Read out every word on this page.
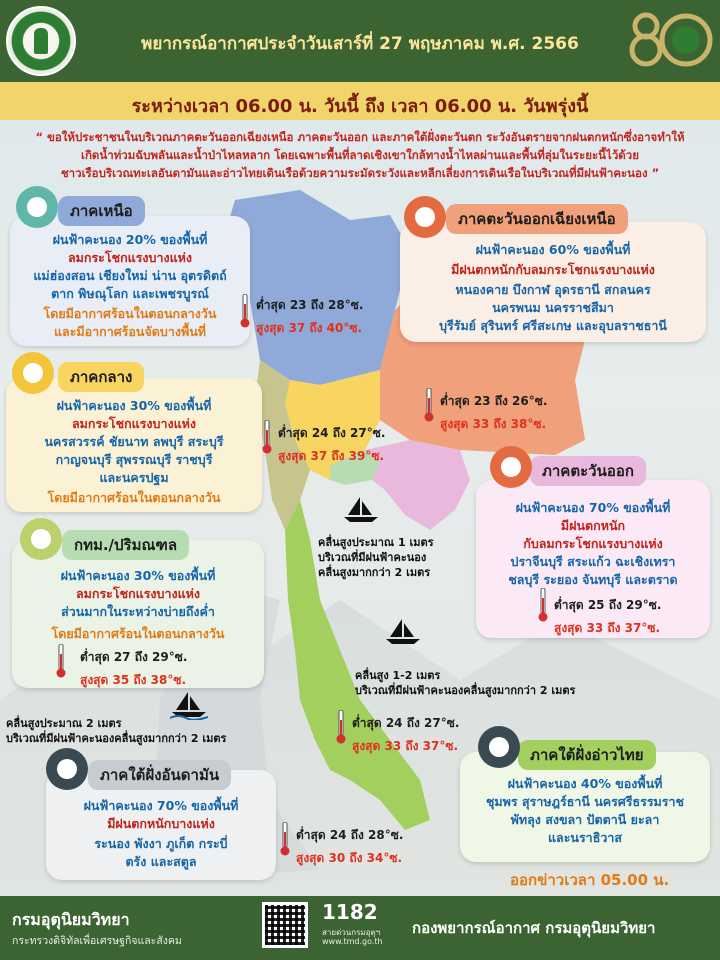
พยากรณ์อากาศประจำวันเสาร์ที่ 27 พฤษภาคม พ.ศ. 2566
ระหว่างเวลา 06.00 น. วันนี้ ถึง เวลา 06.00 น. วันพรุ่งนี้
“ ขอให้ประชาชนในบริเวณภาคตะวันออกเฉียงเหนือ ภาคตะวันออก และภาคใต้ฝั่งตะวันตก ระวังอันตรายจากฝนตกหนักซึ่งอาจทำให้
เกิดน้ำท่วมฉับพลันและน้ำป่าไหลหลาก โดยเฉพาะพื้นที่ลาดเชิงเขาใกล้ทางน้ำไหลผ่านและพื้นที่ลุ่มในระยะนี้ไว้ด้วย
ชาวเรือบริเวณทะเลอันดามันและอ่าวไทยเดินเรือด้วยความระมัดระวังและหลีกเลี่ยงการเดินเรือในบริเวณที่มีฝนฟ้าคะนอง ”
คลื่นสูงประมาณ 1 เมตร
บริเวณที่มีฝนฟ้าคะนอง
คลื่นสูงมากกว่า 2 เมตร
คลื่นสูง 1-2 เมตร
บริเวณที่มีฝนฟ้าคะนองคลื่นสูงมากกว่า 2 เมตร
คลื่นสูงประมาณ 2 เมตร
บริเวณที่มีฝนฟ้าคะนองคลื่นสูงมากกว่า 2 เมตร
ฝนฟ้าคะนอง 20% ของพื้นที่
ลมกระโชกแรงบางแห่ง
แม่ฮ่องสอน เชียงใหม่ น่าน อุตรดิตถ์
ตาก พิษณุโลก และเพชรบูรณ์
โดยมีอากาศร้อนในตอนกลางวัน
และมีอากาศร้อนจัดบางพื้นที่
ภาคเหนือ
ต่ำสุด 23 ถึง 28°ซ.
สูงสุด 37 ถึง 40°ซ.
ฝนฟ้าคะนอง 60% ของพื้นที่
มีฝนตกหนักกับลมกระโชกแรงบางแห่ง
หนองคาย บึงกาฬ อุดรธานี สกลนคร
นครพนม นครราชสีมา
บุรีรัมย์ สุรินทร์ ศรีสะเกษ และอุบลราชธานี
ภาคตะวันออกเฉียงเหนือ
ต่ำสุด 23 ถึง 26°ซ.
สูงสุด 33 ถึง 38°ซ.
ฝนฟ้าคะนอง 30% ของพื้นที่
ลมกระโชกแรงบางแห่ง
นครสวรรค์ ชัยนาท ลพบุรี สระบุรี
กาญจนบุรี สุพรรณบุรี ราชบุรี
และนครปฐม
โดยมีอากาศร้อนในตอนกลางวัน
ภาคกลาง
ต่ำสุด 24 ถึง 27°ซ.
สูงสุด 37 ถึง 39°ซ.
ฝนฟ้าคะนอง 70% ของพื้นที่
มีฝนตกหนัก
กับลมกระโชกแรงบางแห่ง
ปราจีนบุรี สระแก้ว ฉะเชิงเทรา
ชลบุรี ระยอง จันทบุรี และตราด
ภาคตะวันออก
ต่ำสุด 25 ถึง 29°ซ.
สูงสุด 33 ถึง 37°ซ.
ฝนฟ้าคะนอง 30% ของพื้นที่
ลมกระโชกแรงบางแห่ง
ส่วนมากในระหว่างบ่ายถึงค่ำ
โดยมีอากาศร้อนในตอนกลางวัน
กทม./ปริมณฑล
ต่ำสุด 27 ถึง 29°ซ.
สูงสุด 35 ถึง 38°ซ.
ฝนฟ้าคะนอง 40% ของพื้นที่
ชุมพร สุราษฎร์ธานี นครศรีธรรมราช
พัทลุง สงขลา ปัตตานี ยะลา
และนราธิวาส
ภาคใต้ฝั่งอ่าวไทย
ต่ำสุด 24 ถึง 27°ซ.
สูงสุด 33 ถึง 37°ซ.
ฝนฟ้าคะนอง 70% ของพื้นที่
มีฝนตกหนักบางแห่ง
ระนอง พังงา ภูเก็ต กระบี่
ตรัง และสตูล
ภาคใต้ฝั่งอันดามัน
ต่ำสุด 24 ถึง 28°ซ.
สูงสุด 30 ถึง 34°ซ.
ออกข่าวเวลา 05.00 น.
กรมอุตุนิยมวิทยา
กระทรวงดิจิทัลเพื่อเศรษฐกิจและสังคม
1182
สายด่วนกรมอุตุฯ
www.tmd.go.th
กองพยากรณ์อากาศ กรมอุตุนิยมวิทยา
